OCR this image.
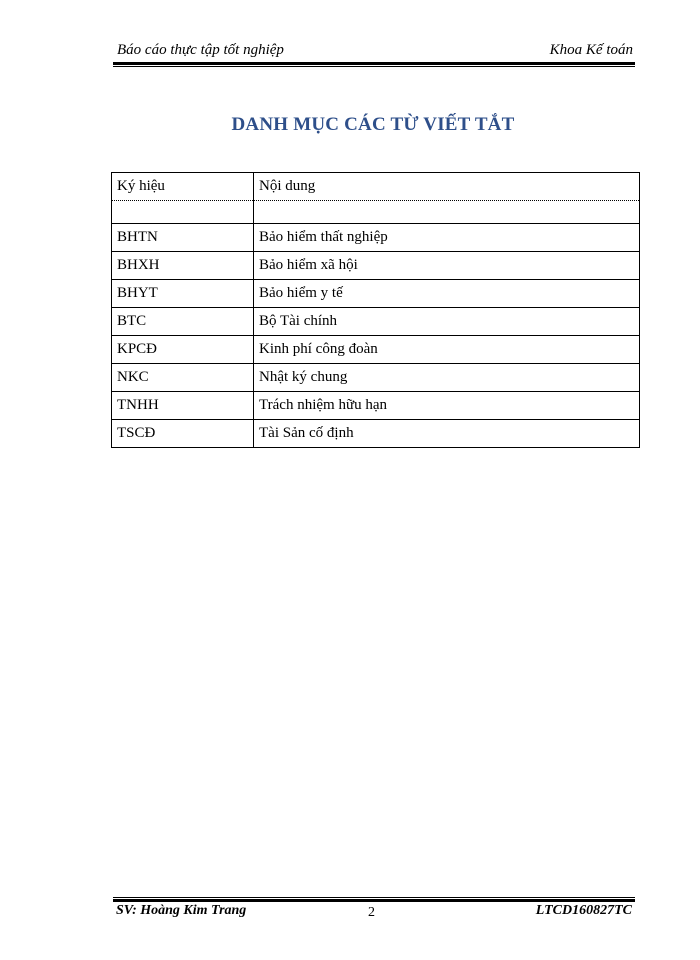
Báo cáo thực tập tốt nghiệp	Khoa Kế toán
DANH MỤC CÁC TỪ VIẾT TẮT
Ký hiệu	Nội dung

BHTN	Bảo hiểm thất nghiệp
BHXH	Bảo hiểm xã hội
BHYT	Bảo hiểm y tế
BTC	Bộ Tài chính
KPCĐ	Kinh phí công đoàn
NKC	Nhật ký chung
TNHH	Trách nhiệm hữu hạn
TSCĐ	Tài Sản cố định
SV: Hoàng Kim Trang	2	LTCD160827TC
